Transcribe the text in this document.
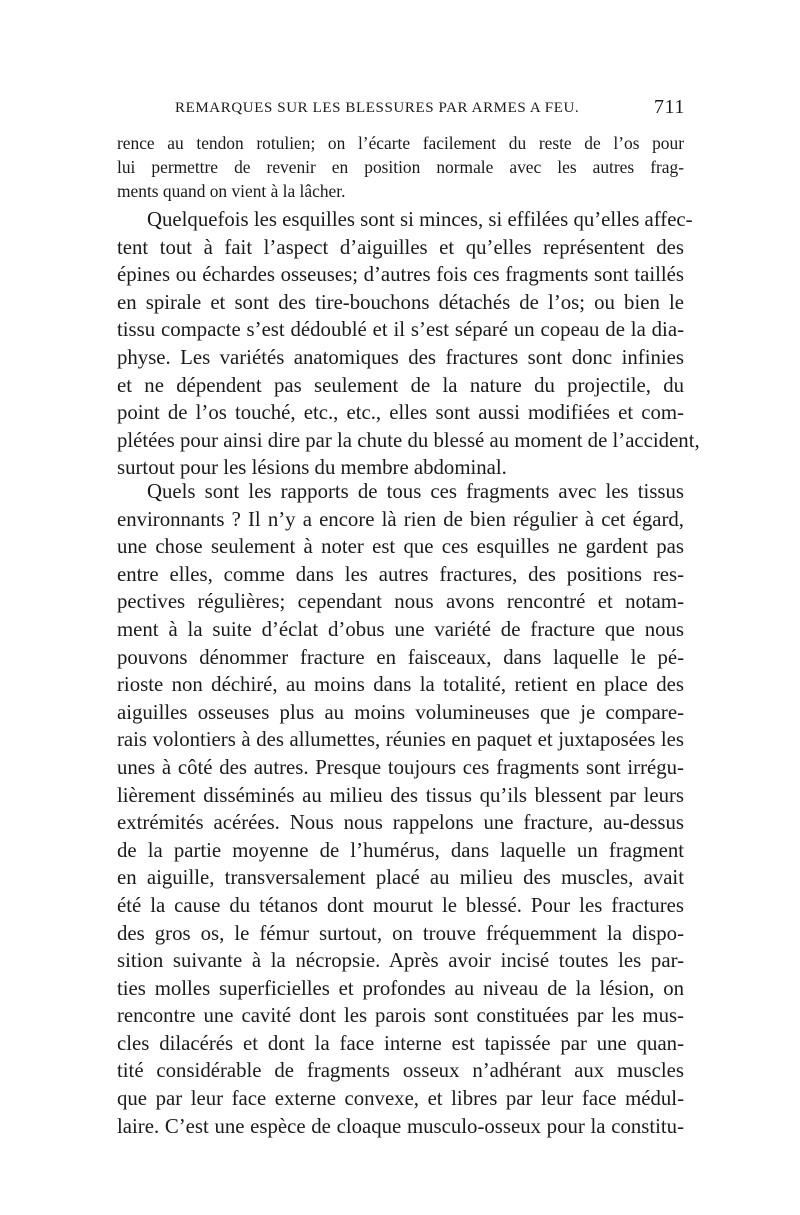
REMARQUES SUR LES BLESSURES PAR ARMES A FEU.	711
rence au tendon rotulien; on l’écarte facilement du reste de l’os pour
lui permettre de revenir en position normale avec les autres frag-
ments quand on vient à la lâcher.
Quelquefois les esquilles sont si minces, si effilées qu’elles affec-
tent tout à fait l’aspect d’aiguilles et qu’elles représentent des
épines ou échardes osseuses; d’autres fois ces fragments sont taillés
en spirale et sont des tire-bouchons détachés de l’os; ou bien le
tissu compacte s’est dédoublé et il s’est séparé un copeau de la dia-
physe. Les variétés anatomiques des fractures sont donc infinies
et ne dépendent pas seulement de la nature du projectile, du
point de l’os touché, etc., etc., elles sont aussi modifiées et com-
plétées pour ainsi dire par la chute du blessé au moment de l’accident,
surtout pour les lésions du membre abdominal.
Quels sont les rapports de tous ces fragments avec les tissus
environnants ? Il n’y a encore là rien de bien régulier à cet égard,
une chose seulement à noter est que ces esquilles ne gardent pas
entre elles, comme dans les autres fractures, des positions res-
pectives régulières; cependant nous avons rencontré et notam-
ment à la suite d’éclat d’obus une variété de fracture que nous
pouvons dénommer fracture en faisceaux, dans laquelle le pé-
rioste non déchiré, au moins dans la totalité, retient en place des
aiguilles osseuses plus au moins volumineuses que je compare-
rais volontiers à des allumettes, réunies en paquet et juxtaposées les
unes à côté des autres. Presque toujours ces fragments sont irrégu-
lièrement disséminés au milieu des tissus qu’ils blessent par leurs
extrémités acérées. Nous nous rappelons une fracture, au-dessus
de la partie moyenne de l’humérus, dans laquelle un fragment
en aiguille, transversalement placé au milieu des muscles, avait
été la cause du tétanos dont mourut le blessé. Pour les fractures
des gros os, le fémur surtout, on trouve fréquemment la dispo-
sition suivante à la nécropsie. Après avoir incisé toutes les par-
ties molles superficielles et profondes au niveau de la lésion, on
rencontre une cavité dont les parois sont constituées par les mus-
cles dilacérés et dont la face interne est tapissée par une quan-
tité considérable de fragments osseux n’adhérant aux muscles
que par leur face externe convexe, et libres par leur face médul-
laire. C’est une espèce de cloaque musculo-osseux pour la constitu-
